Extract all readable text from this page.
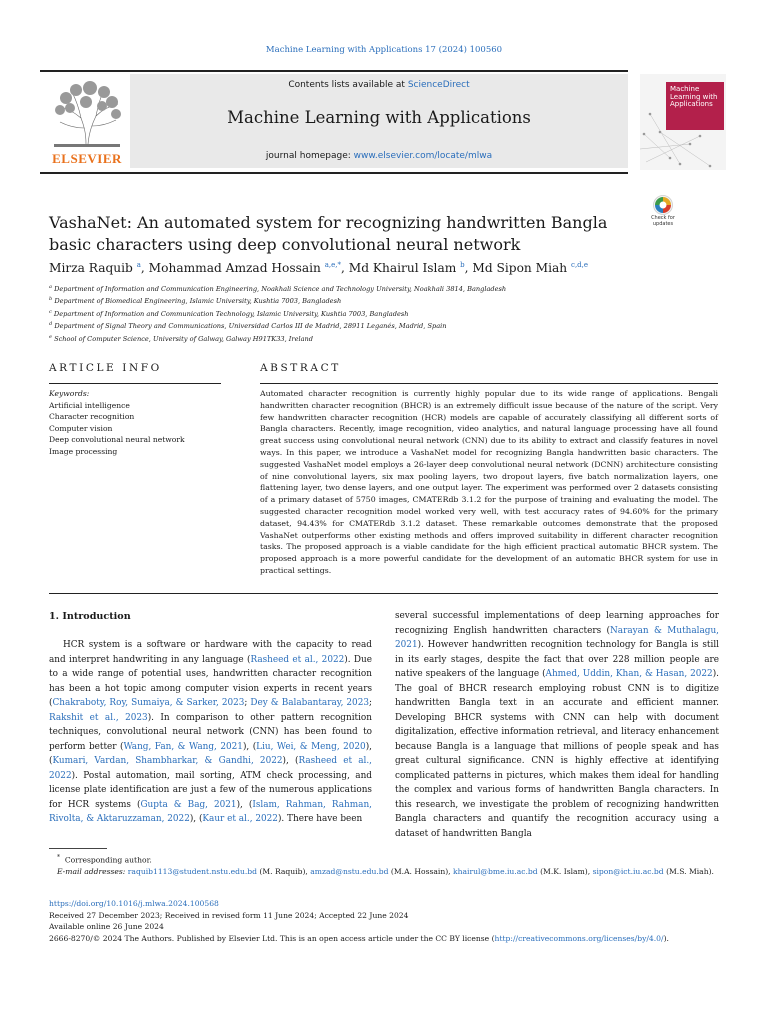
Machine Learning with Applications 17 (2024) 100560
ELSEVIER
Contents lists available at ScienceDirect
Machine Learning with Applications
journal homepage: www.elsevier.com/locate/mlwa
Machine Learning with Applications
VashaNet: An automated system for recognizing handwritten Bangla basic characters using deep convolutional neural network
Check for updates
Mirza Raquib $^a$, Mohammad Amzad Hossain $^{a,e,*}$, Md Khairul Islam $^b$, Md Sipon Miah $^{c,d,e}$
$^a$ Department of Information and Communication Engineering, Noakhali Science and Technology University, Noakhali 3814, Bangladesh
$^b$ Department of Biomedical Engineering, Islamic University, Kushtia 7003, Bangladesh
$^c$ Department of Information and Communication Technology, Islamic University, Kushtia 7003, Bangladesh
$^d$ Department of Signal Theory and Communications, Universidad Carlos III de Madrid, 28911 Leganés, Madrid, Spain
$^e$ School of Computer Science, University of Galway, Galway H91TK33, Ireland
ARTICLE INFO	ABSTRACT
Keywords:
Artificial intelligence
Character recognition
Computer vision
Deep convolutional neural network
Image processing
Automated character recognition is currently highly popular due to its wide range of applications. Bengali handwritten character recognition (BHCR) is an extremely difficult issue because of the nature of the script. Very few handwritten character recognition (HCR) models are capable of accurately classifying all different sorts of Bangla characters. Recently, image recognition, video analytics, and natural language processing have all found great success using convolutional neural network (CNN) due to its ability to extract and classify features in novel ways. In this paper, we introduce a VashaNet model for recognizing Bangla handwritten basic characters. The suggested VashaNet model employs a 26-layer deep convolutional neural network (DCNN) architecture consisting of nine convolutional layers, six max pooling layers, two dropout layers, five batch normalization layers, one flattening layer, two dense layers, and one output layer. The experiment was performed over 2 datasets consisting of a primary dataset of 5750 images, CMATERdb 3.1.2 for the purpose of training and evaluating the model. The suggested character recognition model worked very well, with test accuracy rates of 94.60% for the primary dataset, 94.43% for CMATERdb 3.1.2 dataset. These remarkable outcomes demonstrate that the proposed VashaNet outperforms other existing methods and offers improved suitability in different character recognition tasks. The proposed approach is a viable candidate for the high efficient practical automatic BHCR system. The proposed approach is a more powerful candidate for the development of an automatic BHCR system for use in practical settings.
1. Introduction
HCR system is a software or hardware with the capacity to read and interpret handwriting in any language (Rasheed et al., 2022). Due to a wide range of potential uses, handwritten character recognition has been a hot topic among computer vision experts in recent years (Chakraboty, Roy, Sumaiya, & Sarker, 2023; Dey & Balabantaray, 2023; Rakshit et al., 2023). In comparison to other pattern recognition techniques, convolutional neural network (CNN) has been found to perform better (Wang, Fan, & Wang, 2021), (Liu, Wei, & Meng, 2020), (Kumari, Vardan, Shambharkar, & Gandhi, 2022), (Rasheed et al., 2022). Postal automation, mail sorting, ATM check processing, and license plate identification are just a few of the numerous applications for HCR systems (Gupta & Bag, 2021), (Islam, Rahman, Rahman, Rivolta, & Aktaruzzaman, 2022), (Kaur et al., 2022). There have been
several successful implementations of deep learning approaches for recognizing English handwritten characters (Narayan & Muthalagu, 2021). However handwritten recognition technology for Bangla is still in its early stages, despite the fact that over 228 million people are native speakers of the language (Ahmed, Uddin, Khan, & Hasan, 2022). The goal of BHCR research employing robust CNN is to digitize handwritten Bangla text in an accurate and efficient manner. Developing BHCR systems with CNN can help with document digitalization, effective information retrieval, and literacy enhancement because Bangla is a language that millions of people speak and has great cultural significance. CNN is highly effective at identifying complicated patterns in pictures, which makes them ideal for handling the complex and various forms of handwritten Bangla characters. In this research, we investigate the problem of recognizing handwritten Bangla characters and quantify the recognition accuracy using a dataset of handwritten Bangla
* Corresponding author.
E-mail addresses: raquib1113@student.nstu.edu.bd (M. Raquib), amzad@nstu.edu.bd (M.A. Hossain), khairul@bme.iu.ac.bd (M.K. Islam), sipon@ict.iu.ac.bd (M.S. Miah).
https://doi.org/10.1016/j.mlwa.2024.100568
Received 27 December 2023; Received in revised form 11 June 2024; Accepted 22 June 2024
Available online 26 June 2024
2666-8270/© 2024 The Authors. Published by Elsevier Ltd. This is an open access article under the CC BY license (http://creativecommons.org/licenses/by/4.0/).
